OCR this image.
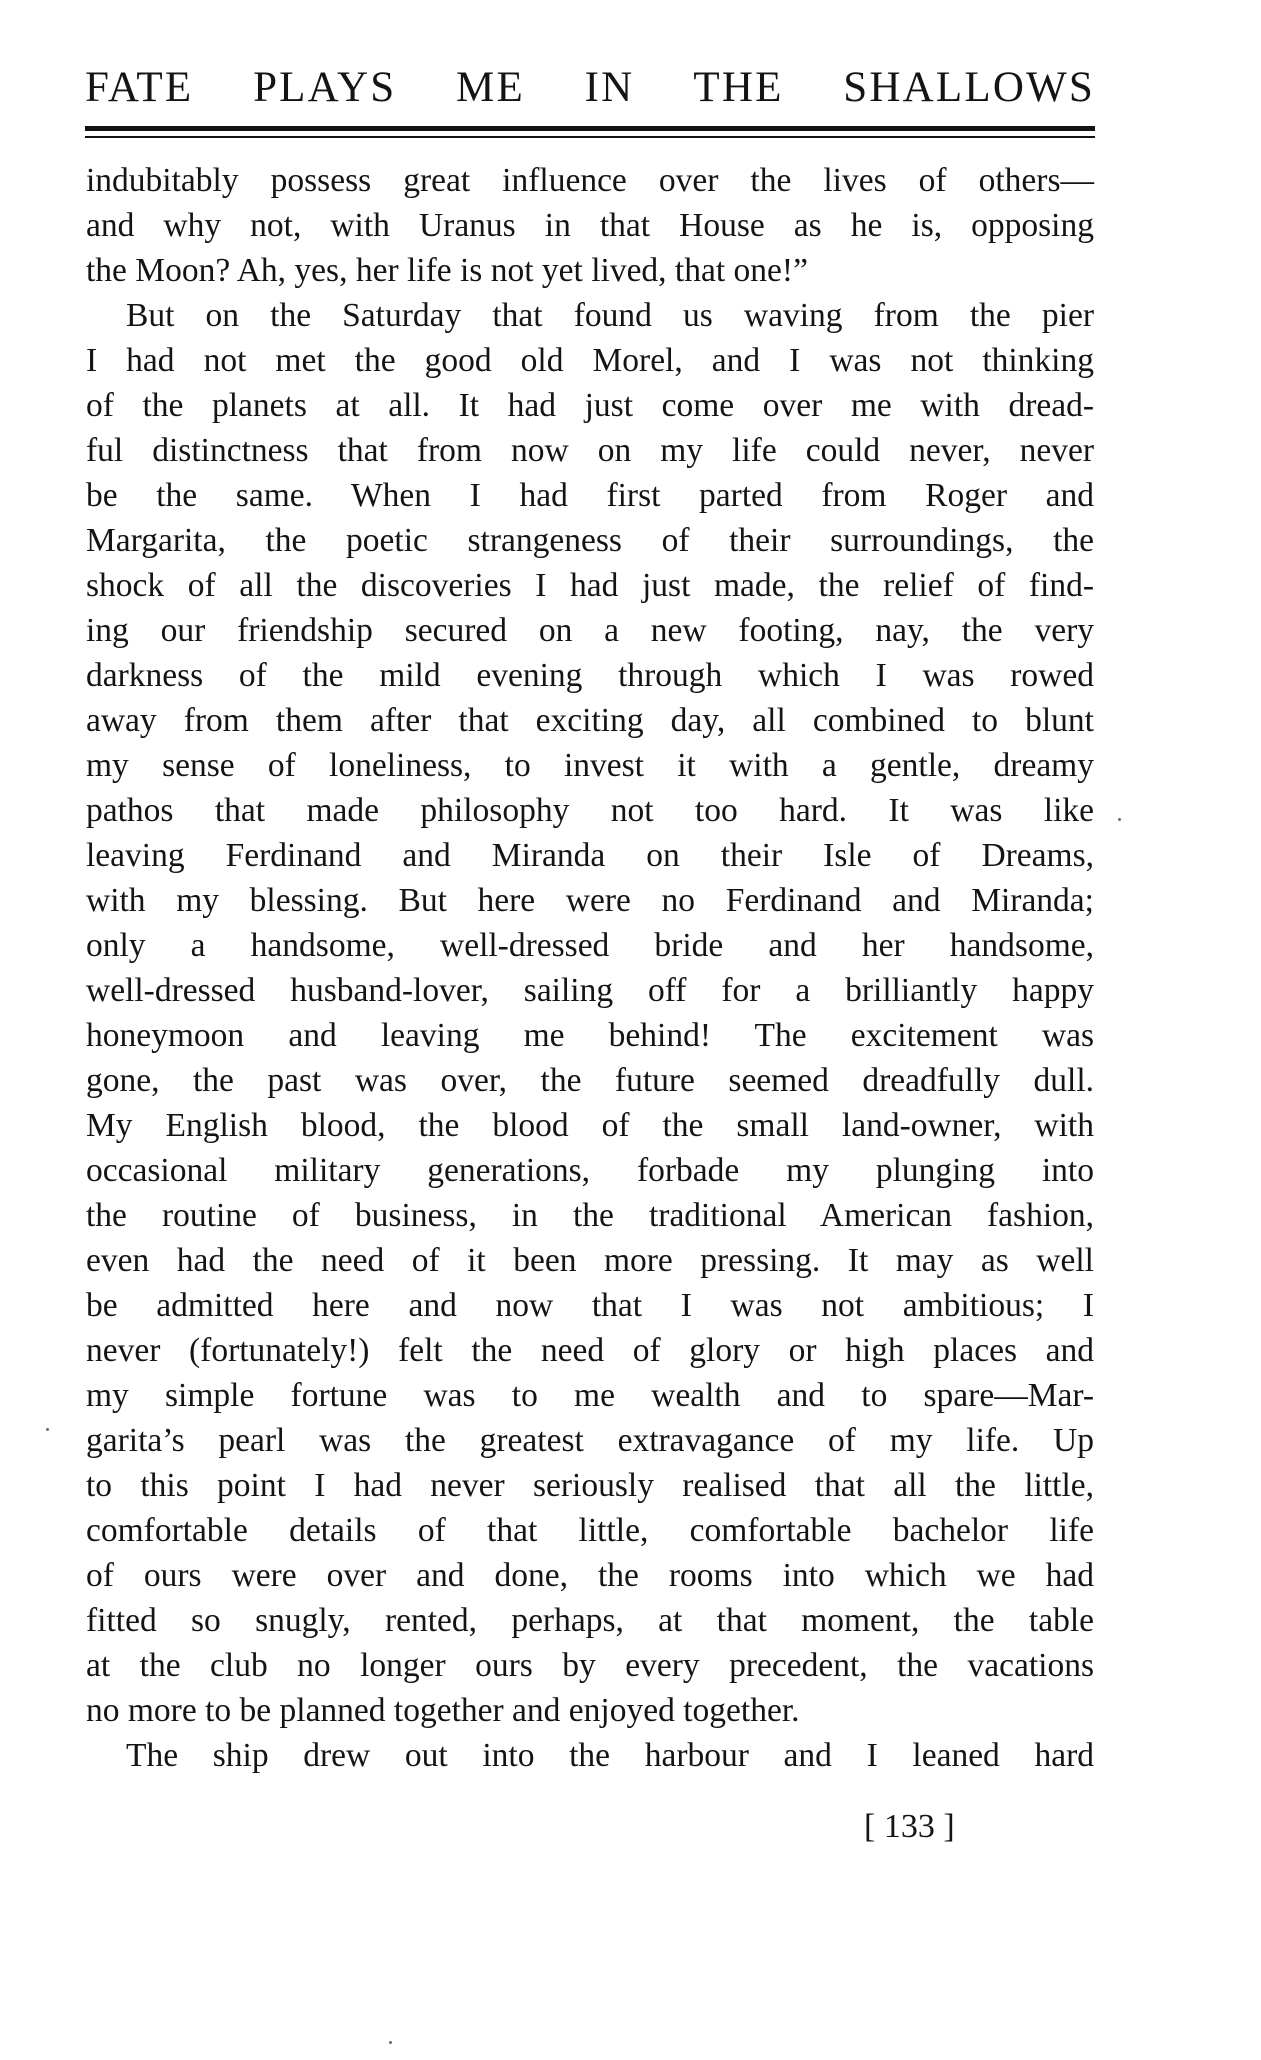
FATE PLAYS ME IN THE SHALLOWS
indubitably possess great influence over the lives of others—
and why not, with Uranus in that House as he is, opposing
the Moon? Ah, yes, her life is not yet lived, that one!”
But on the Saturday that found us waving from the pier
I had not met the good old Morel, and I was not thinking
of the planets at all. It had just come over me with dread-
ful distinctness that from now on my life could never, never
be the same. When I had first parted from Roger and
Margarita, the poetic strangeness of their surroundings, the
shock of all the discoveries I had just made, the relief of find-
ing our friendship secured on a new footing, nay, the very
darkness of the mild evening through which I was rowed
away from them after that exciting day, all combined to blunt
my sense of loneliness, to invest it with a gentle, dreamy
pathos that made philosophy not too hard. It was like
leaving Ferdinand and Miranda on their Isle of Dreams,
with my blessing. But here were no Ferdinand and Miranda;
only a handsome, well-dressed bride and her handsome,
well-dressed husband-lover, sailing off for a brilliantly happy
honeymoon and leaving me behind! The excitement was
gone, the past was over, the future seemed dreadfully dull.
My English blood, the blood of the small land-owner, with
occasional military generations, forbade my plunging into
the routine of business, in the traditional American fashion,
even had the need of it been more pressing. It may as well
be admitted here and now that I was not ambitious; I
never (fortunately!) felt the need of glory or high places and
my simple fortune was to me wealth and to spare—Mar-
garita’s pearl was the greatest extravagance of my life. Up
to this point I had never seriously realised that all the little,
comfortable details of that little, comfortable bachelor life
of ours were over and done, the rooms into which we had
fitted so snugly, rented, perhaps, at that moment, the table
at the club no longer ours by every precedent, the vacations
no more to be planned together and enjoyed together.
The ship drew out into the harbour and I leaned hard
[ 133 ]
